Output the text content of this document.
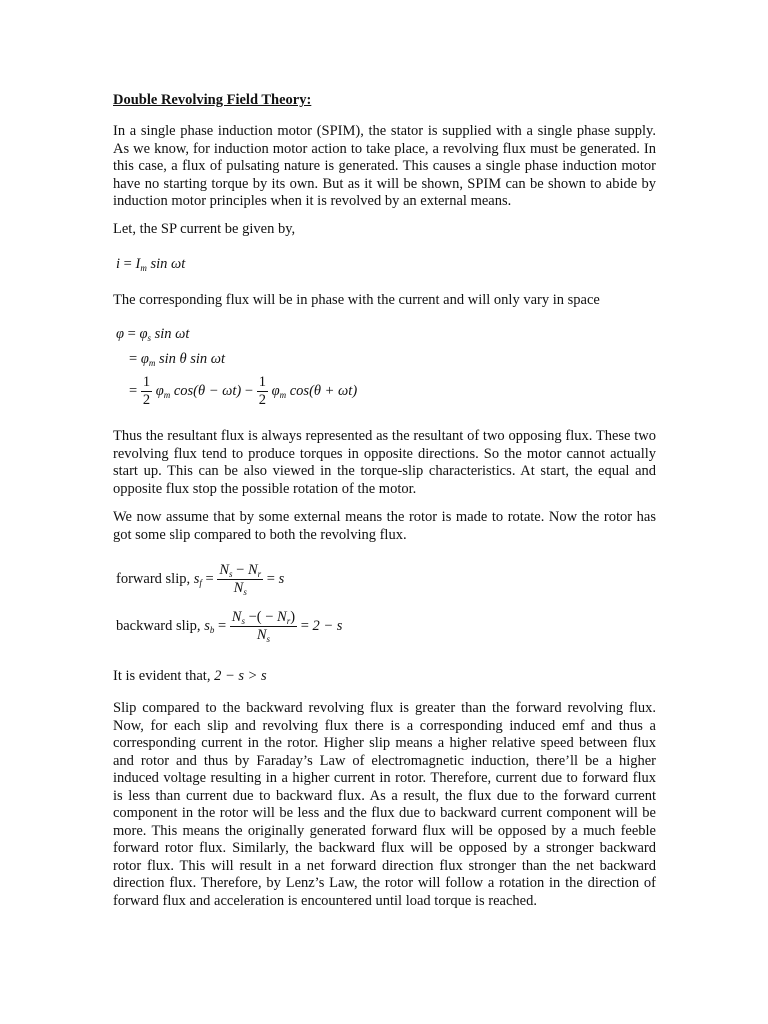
Double Revolving Field Theory:

In a single phase induction motor (SPIM), the stator is supplied with a single phase supply. As we know, for induction motor action to take place, a revolving flux must be generated. In this case, a flux of pulsating nature is generated. This causes a single phase induction motor have no starting torque by its own. But as it will be shown, SPIM can be shown to abide by induction motor principles when it is revolved by an external means.

Let, the SP current be given by,
$i = I_m$ sin ωt
The corresponding flux will be in phase with the current and will only vary in space
$\varphi = \varphi_s$ sin ωt
= $\varphi_m$ sin θ sin ωt
= $\frac{1}{2} \varphi_m$ $\cos(\theta - \omega t) - \frac{1}{2} \varphi_m$ cos(θ + ωt)

Thus the resultant flux is always represented as the resultant of two opposing flux. These two revolving flux tend to produce torques in opposite directions. So the motor cannot actually start up. This can be also viewed in the torque-slip characteristics. At start, the equal and opposite flux stop the possible rotation of the motor.

We now assume that by some external means the rotor is made to rotate. Now the rotor has got some slip compared to both the revolving flux.

forward slip, $s_f = \frac{N_s - N_r}{N_s} = s$
backward slip, $s_b = \frac{N_s -( - N_r)}{N_s} = 2 - s$
It is evident that, 2 − s > s

Slip compared to the backward revolving flux is greater than the forward revolving flux. Now, for each slip and revolving flux there is a corresponding induced emf and thus a corresponding current in the rotor. Higher slip means a higher relative speed between flux and rotor and thus by Faraday’s Law of electromagnetic induction, there’ll be a higher induced voltage resulting in a higher current in rotor. Therefore, current due to forward flux is less than current due to backward flux. As a result, the flux due to the forward current component in the rotor will be less and the flux due to backward current component will be more. This means the originally generated forward flux will be opposed by a much feeble forward rotor flux. Similarly, the backward flux will be opposed by a stronger backward rotor flux. This will result in a net forward direction flux stronger than the net backward direction flux. Therefore, by Lenz’s Law, the rotor will follow a rotation in the direction of forward flux and acceleration is encountered until load torque is reached.
